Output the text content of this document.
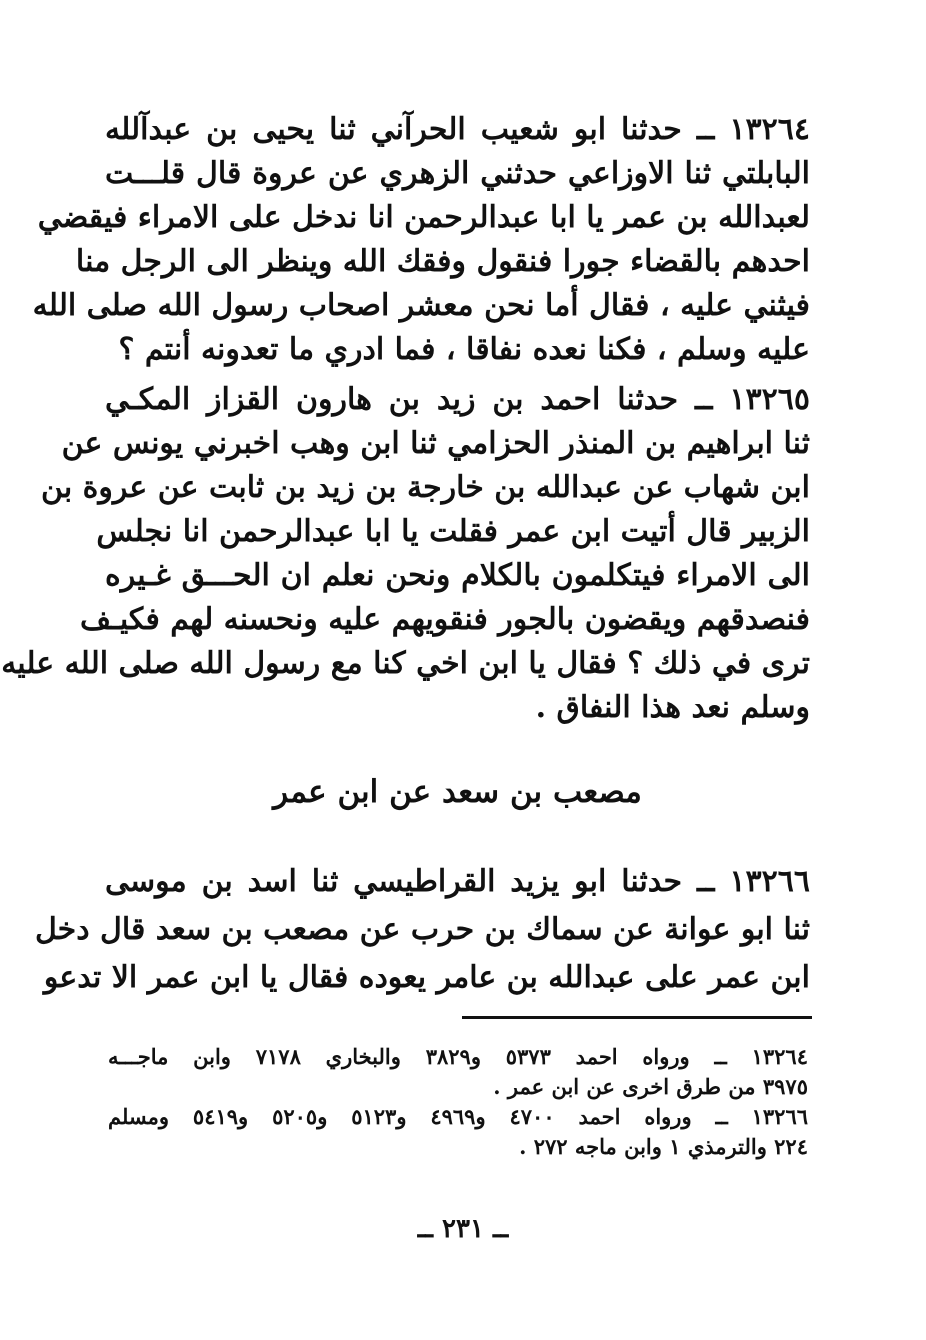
١٣٢٦٤ ــ حدثنا ابو شعيب الحرآني ثنا يحيى بن عبدآلله
البابلتي ثنا الاوزاعي حدثني الزهري عن عروة قال قلـــت
لعبدالله بن عمر يا ابا عبدالرحمن انا ندخل على الامراء فيقضي
احدهم بالقضاء جورا فنقول وفقك الله وينظر الى الرجل منا
فيثني عليه ، فقال أما نحن معشر اصحاب رسول الله صلى الله
عليه وسلم ، فكنا نعده نفاقا ، فما ادري ما تعدونه أنتم ؟
١٣٢٦٥ ــ حدثنا احمد بن زيد بن هارون القزاز المكـي
ثنا ابراهيم بن المنذر الحزامي ثنا ابن وهب اخبرني يونس عن
ابن شهاب عن عبدالله بن خارجة بن زيد بن ثابت عن عروة بن
الزبير قال أتيت ابن عمر فقلت يا ابا عبدالرحمن انا نجلس
الى الامراء فيتكلمون بالكلام ونحن نعلم ان الحـــق غـيره
فنصدقهم ويقضون بالجور فنقويهم عليه ونحسنه لهم فكيـف
ترى في ذلك ؟ فقال يا ابن اخي كنا مع رسول الله صلى الله عليه
وسلم نعد هذا النفاق .
مصعب بن سعد عن ابن عمر
١٣٢٦٦ ــ حدثنا ابو يزيد القراطيسي ثنا اسد بن موسى
ثنا ابو عوانة عن سماك بن حرب عن مصعب بن سعد قال دخل
ابن عمر على عبدالله بن عامر يعوده فقال يا ابن عمر الا تدعو
١٣٢٦٤ ــ ورواه احمد ٥٣٧٣ و٣٨٢٩ والبخاري ٧١٧٨ وابن ماجـــه
٣٩٧٥ من طرق اخرى عن ابن عمر .
١٣٢٦٦ ــ ورواه احمد ٤٧٠٠ و٤٩٦٩ و٥١٢٣ و٥٢٠٥ و٥٤١٩ ومسلم
٢٢٤ والترمذي ١ وابن ماجه ٢٧٢ .
ــ ٢٣١ ــ
